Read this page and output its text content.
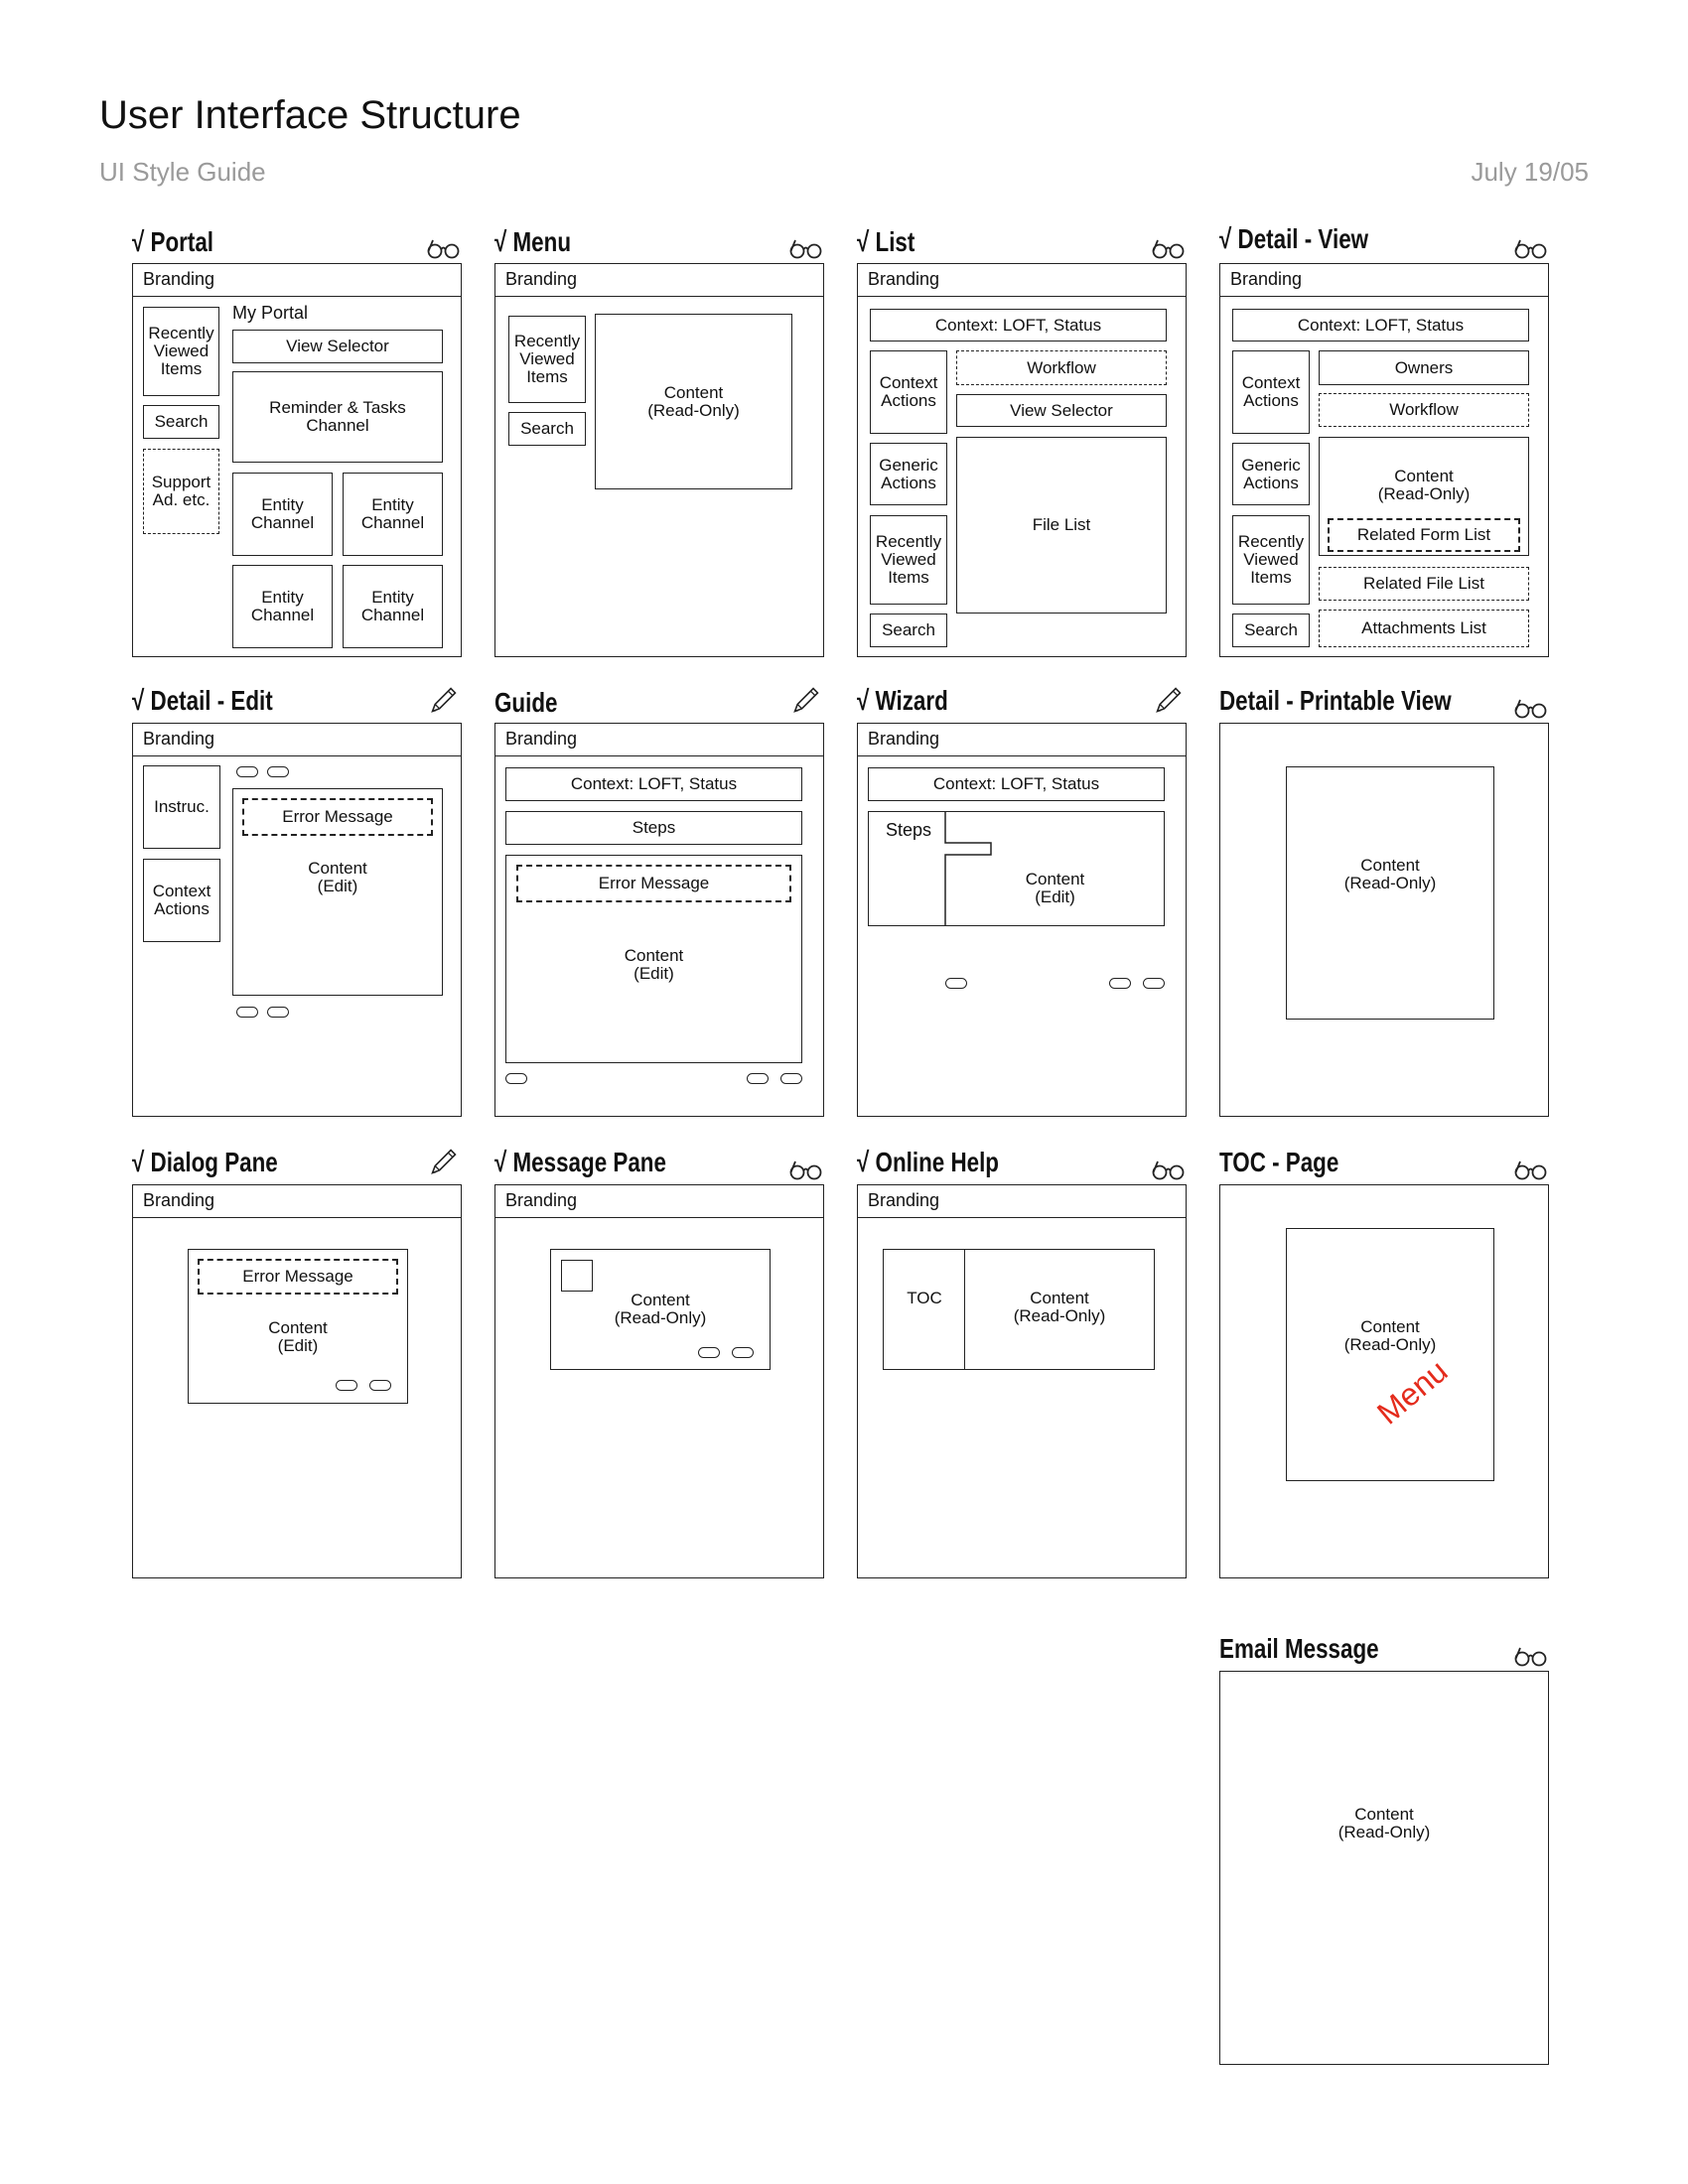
User Interface Structure
UI Style Guide	July 19/05
√ Portal
Branding
Recently
Viewed
Items
Search
Support
Ad. etc.
My Portal
View Selector
Reminder & Tasks
Channel
Entity
Channel
Entity
Channel
Entity
Channel
Entity
Channel
√ Menu
Branding
Recently
Viewed
Items
Search
Content
(Read-Only)
√ List
Branding
Context: LOFT, Status
Context
Actions
Workflow
View Selector
Generic
Actions
Recently
Viewed
Items
Search
File List
√ Detail - View
Branding
Context: LOFT, Status
Context
Actions
Owners
Workflow
Generic
Actions
Recently
Viewed
Items
Search
Content
(Read-Only)
Related Form List
Related File List
Attachments List
√ Detail - Edit
Branding
Instruc.
Context
Actions
Content
(Edit)
Error Message
Guide
Branding
Context: LOFT, Status
Steps
Content
(Edit)
Error Message
√ Wizard
Branding
Context: LOFT, Status
Steps
Content
(Edit)
Detail - Printable View
Content
(Read-Only)
√ Dialog Pane
Branding
Content
(Edit)
Error Message
√ Message Pane
Branding
Content
(Read-Only)
√ Online Help
Branding
TOC	Content
(Read-Only)
TOC - Page
Content
(Read-Only)
Menu
Email Message
Content
(Read-Only)
